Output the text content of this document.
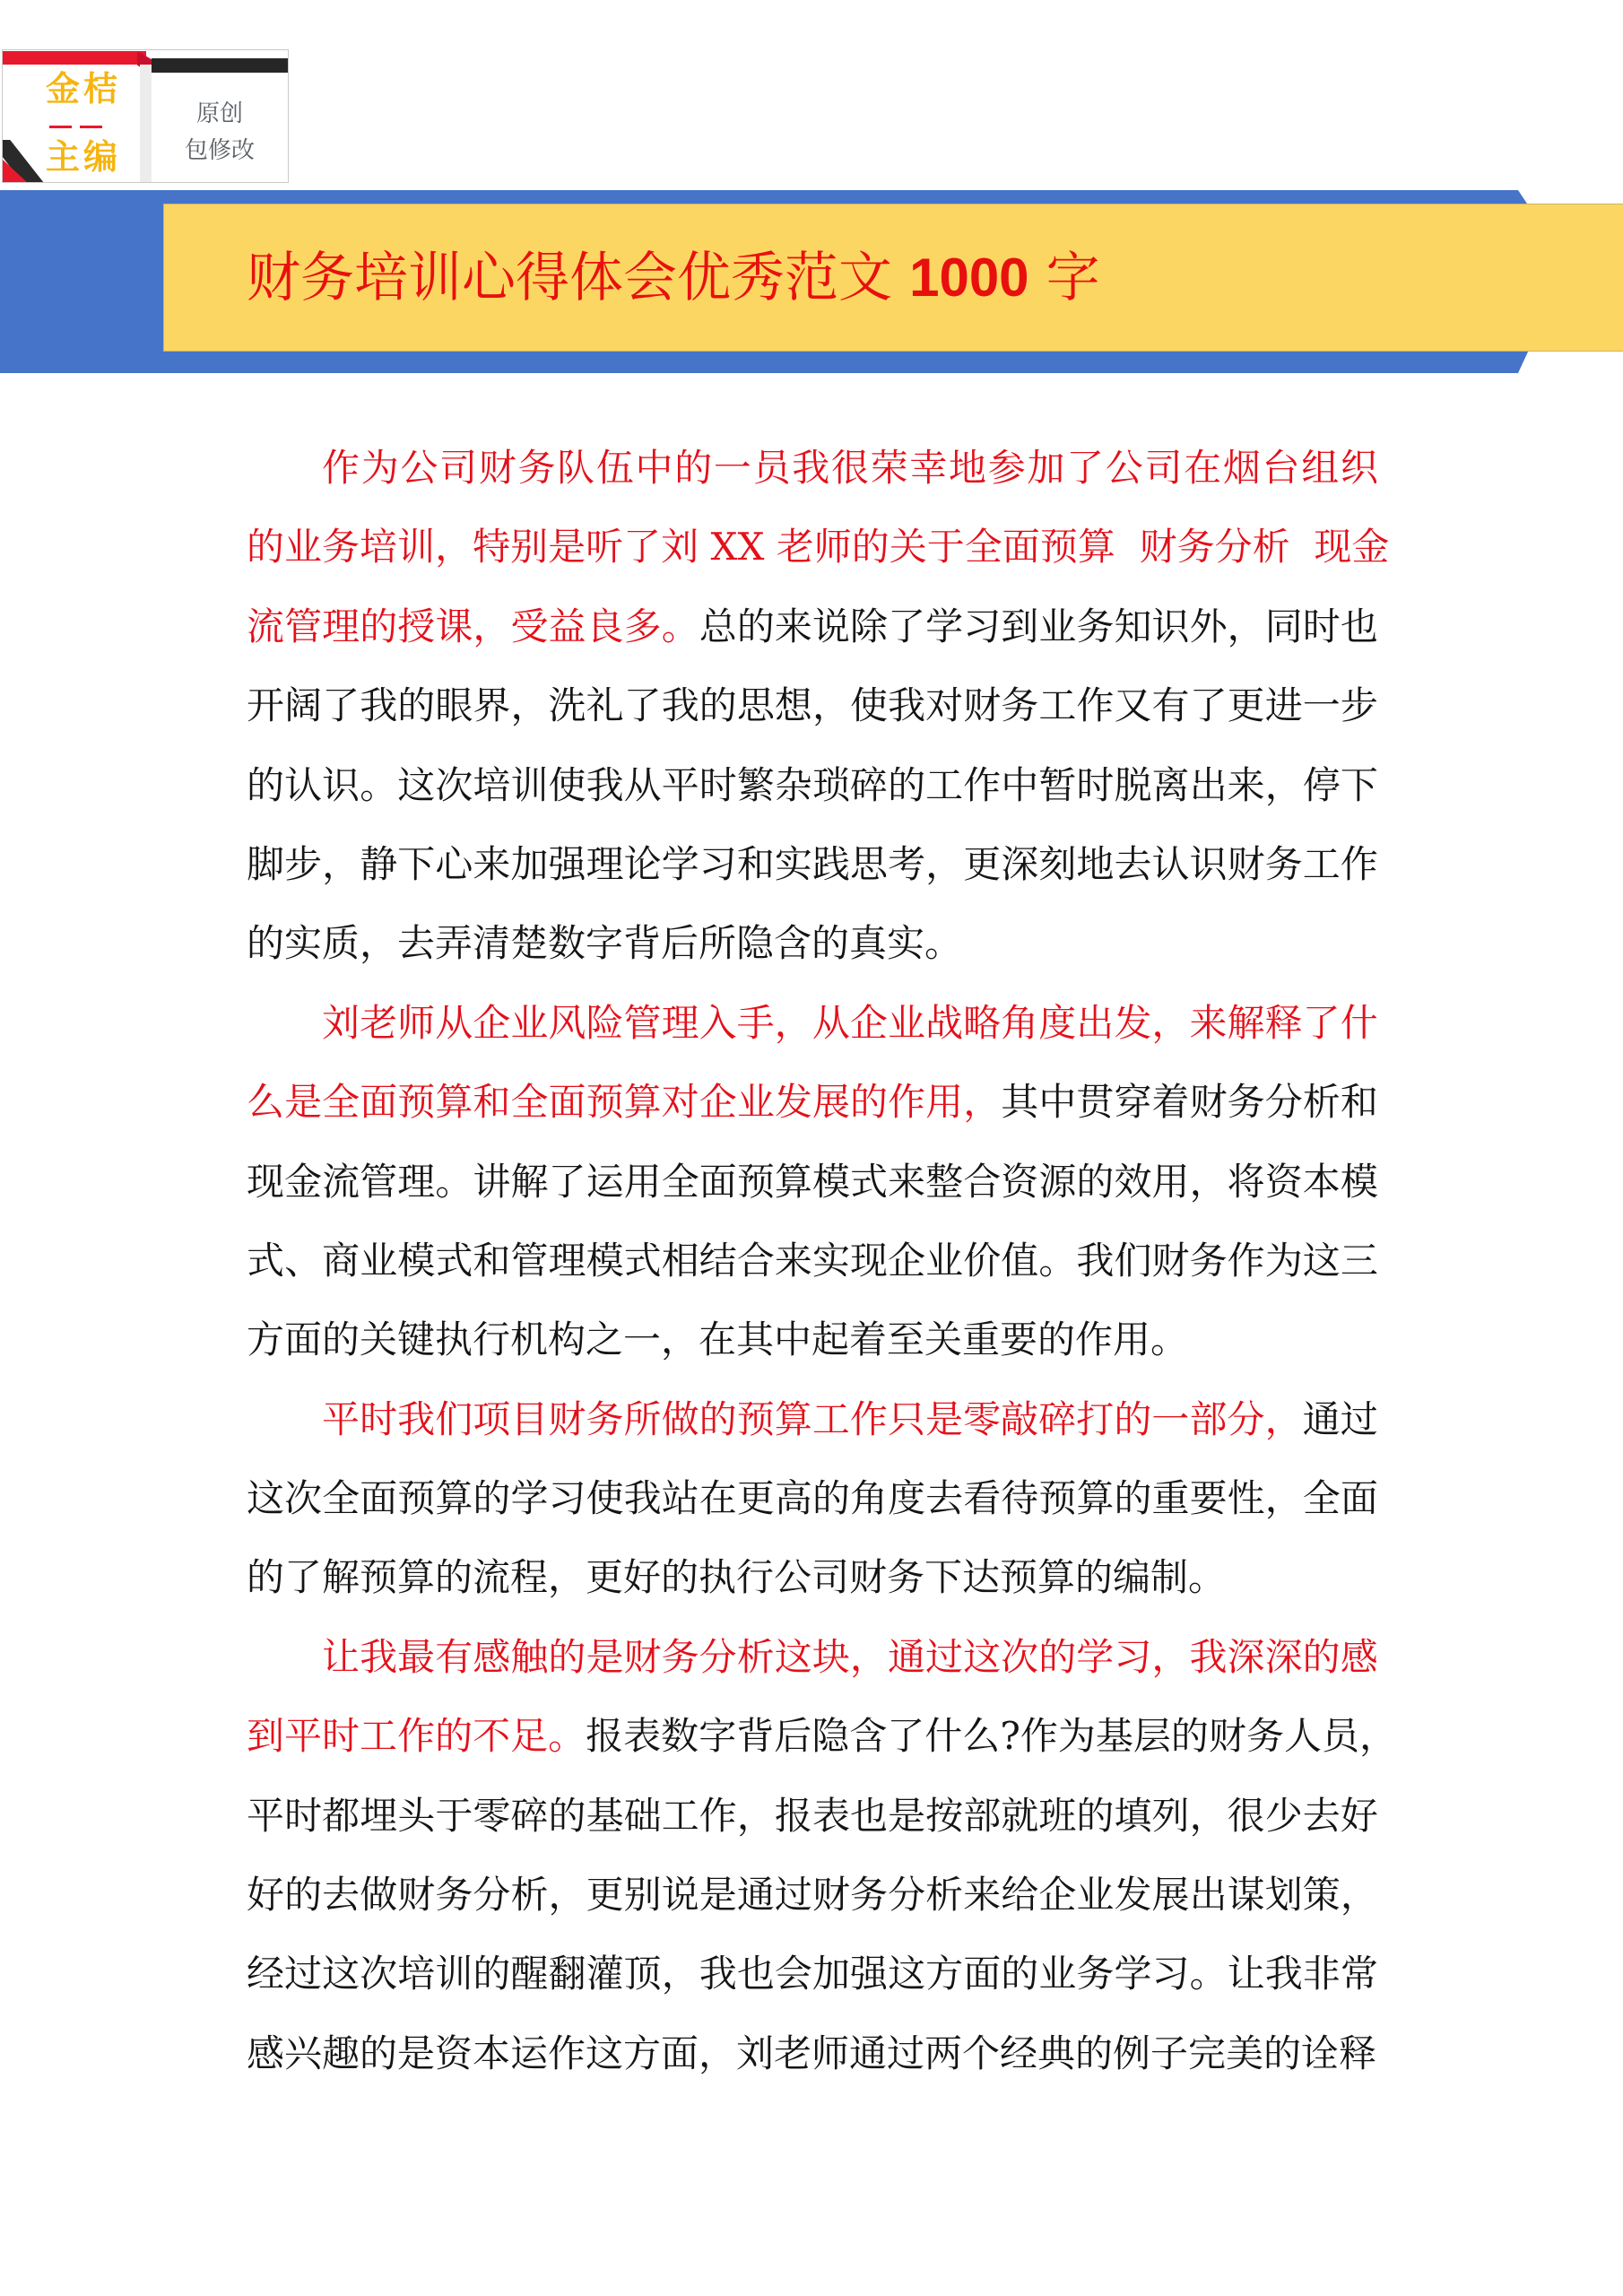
金桔
主编
原创
包修改
财务培训心得体会优秀范文 1000 字
作 为 公 司 财 务 队 伍 中 的 一 员 我 很 荣 幸 地 参 加 了 公 司 在 烟 台 组 织
的 业 务 培 训 ， 特 别 是 听 了 刘
X X
老 师 的 关 于 全 面 预 算

财 务 分 析

现 金
流 管 理 的 授 课 ， 受 益 良 多 。 总 的 来 说 除 了 学 习 到 业 务 知 识 外 ， 同 时 也
开 阔 了 我 的 眼 界 ， 洗 礼 了 我 的 思 想 ， 使 我 对 财 务 工 作 又 有 了 更 进 一 步
的 认 识 。 这 次 培 训 使 我 从 平 时 繁 杂 琐 碎 的 工 作 中 暂 时 脱 离 出 来 ， 停 下
脚 步 ， 静 下 心 来 加 强 理 论 学 习 和 实 践 思 考 ， 更 深 刻 地 去 认 识 财 务 工 作
的实质，去弄清楚数字背后所隐含的真实。
刘 老 师 从 企 业 风 险 管 理 入 手 ， 从 企 业 战 略 角 度 出 发 ， 来 解 释 了 什
么 是 全 面 预 算 和 全 面 预 算 对 企 业 发 展 的 作 用 ， 其 中 贯 穿 着 财 务 分 析 和
现 金 流 管 理 。 讲 解 了 运 用 全 面 预 算 模 式 来 整 合 资 源 的 效 用 ， 将 资 本 模
式 、 商 业 模 式 和 管 理 模 式 相 结 合 来 实 现 企 业 价 值 。 我 们 财 务 作 为 这 三
方面的关键执行机构之一，在其中起着至关重要的作用。
平 时 我 们 项 目 财 务 所 做 的 预 算 工 作 只 是 零 敲 碎 打 的 一 部 分 ， 通 过
这 次 全 面 预 算 的 学 习 使 我 站 在 更 高 的 角 度 去 看 待 预 算 的 重 要 性 ， 全 面
的了解预算的流程，更好的执行公司财务下达预算的编制。
让 我 最 有 感 触 的 是 财 务 分 析 这 块 ， 通 过 这 次 的 学 习 ， 我 深 深 的 感
到 平 时 工 作 的 不 足 。 报 表 数 字 背 后 隐 含 了 什 么 ? 作 为 基 层 的 财 务 人 员 ，
平 时 都 埋 头 于 零 碎 的 基 础 工 作 ， 报 表 也 是 按 部 就 班 的 填 列 ， 很 少 去 好
好 的 去 做 财 务 分 析 ， 更 别 说 是 通 过 财 务 分 析 来 给 企 业 发 展 出 谋 划 策 ，
经 过 这 次 培 训 的 醒 翻 灌 顶 ， 我 也 会 加 强 这 方 面 的 业 务 学 习 。 让 我 非 常
感兴趣的是资本运作这方面，刘老师通过两个经典的例子完美的诠释
